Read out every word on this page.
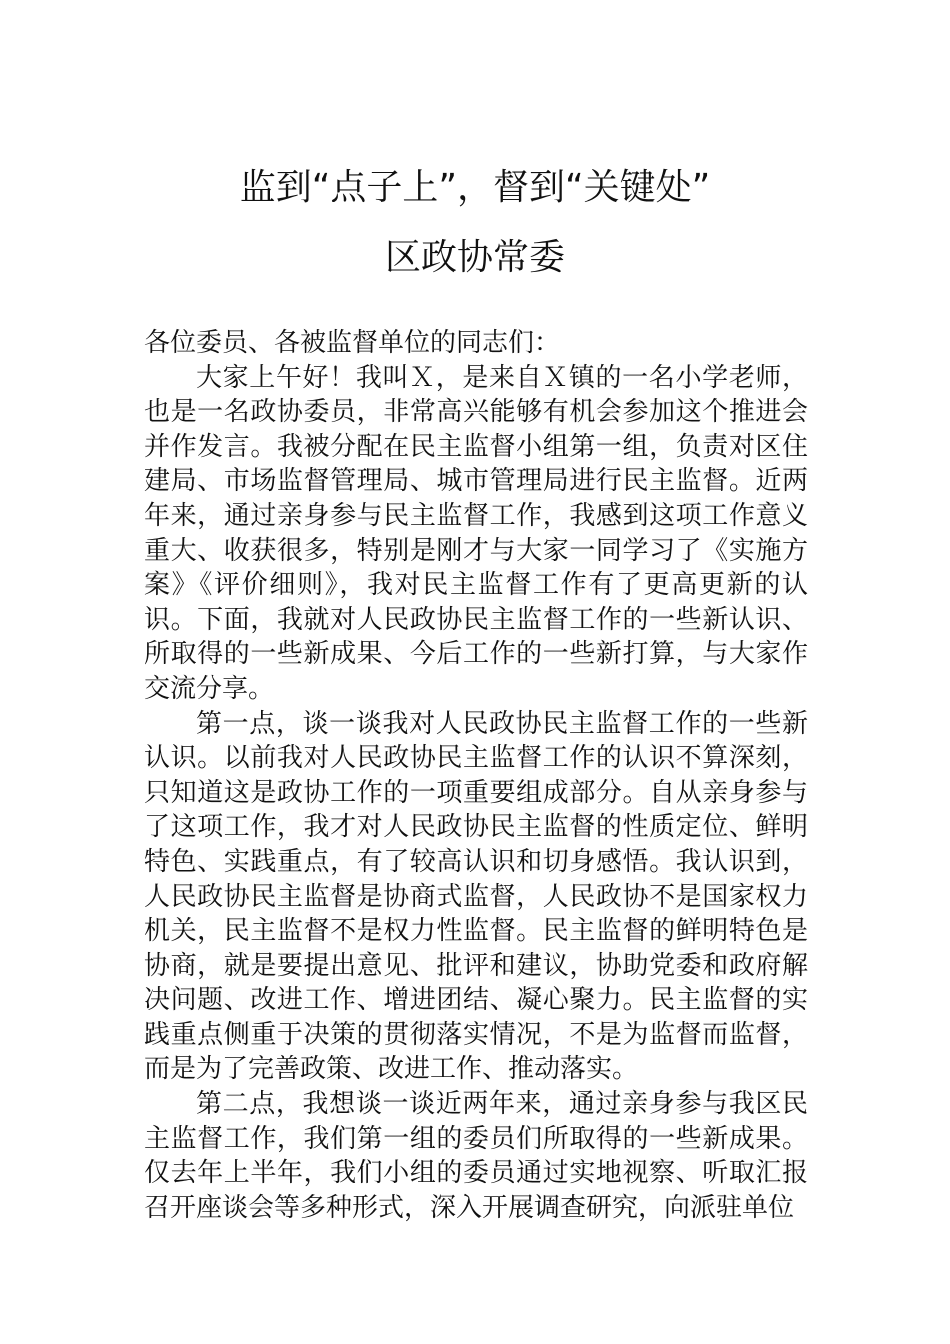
监到“点子上”，督到“关键处”
区政协常委

各位委员、各被监督单位的同志们：

大家上午好！我叫Ｘ，是来自Ｘ镇的一名小学老师，也是一名政协委员，非常高兴能够有机会参加这个推进会并作发言。我被分配在民主监督小组第一组，负责对区住建局、市场监督管理局、城市管理局进行民主监督。近两年来，通过亲身参与民主监督工作，我感到这项工作意义重大、收获很多，特别是刚才与大家一同学习了《实施方案》《评价细则》，我对民主监督工作有了更高更新的认识。下面，我就对人民政协民主监督工作的一些新认识、所取得的一些新成果、今后工作的一些新打算，与大家作交流分享。

第一点，谈一谈我对人民政协民主监督工作的一些新认识。以前我对人民政协民主监督工作的认识不算深刻，只知道这是政协工作的一项重要组成部分。自从亲身参与了这项工作，我才对人民政协民主监督的性质定位、鲜明特色、实践重点，有了较高认识和切身感悟。我认识到，人民政协民主监督是协商式监督，人民政协不是国家权力机关，民主监督不是权力性监督。民主监督的鲜明特色是协商，就是要提出意见、批评和建议，协助党委和政府解决问题、改进工作、增进团结、凝心聚力。民主监督的实践重点侧重于决策的贯彻落实情况，不是为监督而监督，而是为了完善政策、改进工作、推动落实。

第二点，我想谈一谈近两年来，通过亲身参与我区民主监督工作，我们第一组的委员们所取得的一些新成果。仅去年上半年，我们小组的委员通过实地视察、听取汇报召开座谈会等多种形式，深入开展调查研究，向派驻单位
